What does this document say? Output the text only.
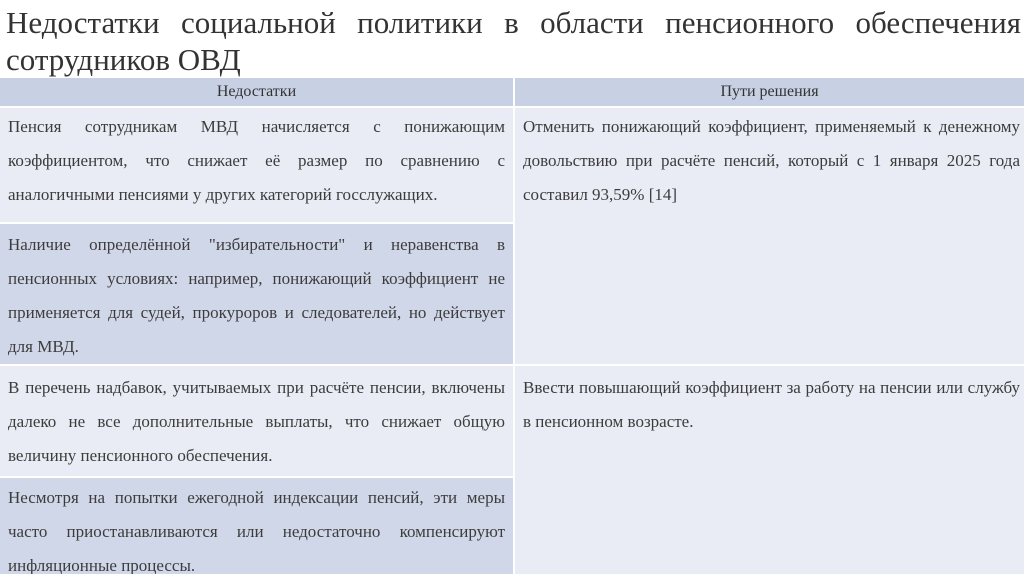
Недостатки социальной политики в области пенсионного обеспечения сотрудников ОВД
Недостатки	Пути решения
Пенсия сотрудникам МВД начисляется с понижающим коэффициентом, что снижает её размер по сравнению с аналогичными пенсиями у других категорий госслужащих.
Наличие определённой "избирательности" и неравенства в пенсионных условиях: например, понижающий коэффициент не применяется для судей, прокуроров и следователей, но действует для МВД.
В перечень надбавок, учитываемых при расчёте пенсии, включены далеко не все дополнительные выплаты, что снижает общую величину пенсионного обеспечения.
Несмотря на попытки ежегодной индексации пенсий, эти меры часто приостанавливаются или недостаточно компенсируют инфляционные процессы.
Отменить понижающий коэффициент, применяемый к денежному довольствию при расчёте пенсий, который с 1 января 2025 года составил 93,59% [14]
Ввести повышающий коэффициент за работу на пенсии или службу в пенсионном возрасте.
